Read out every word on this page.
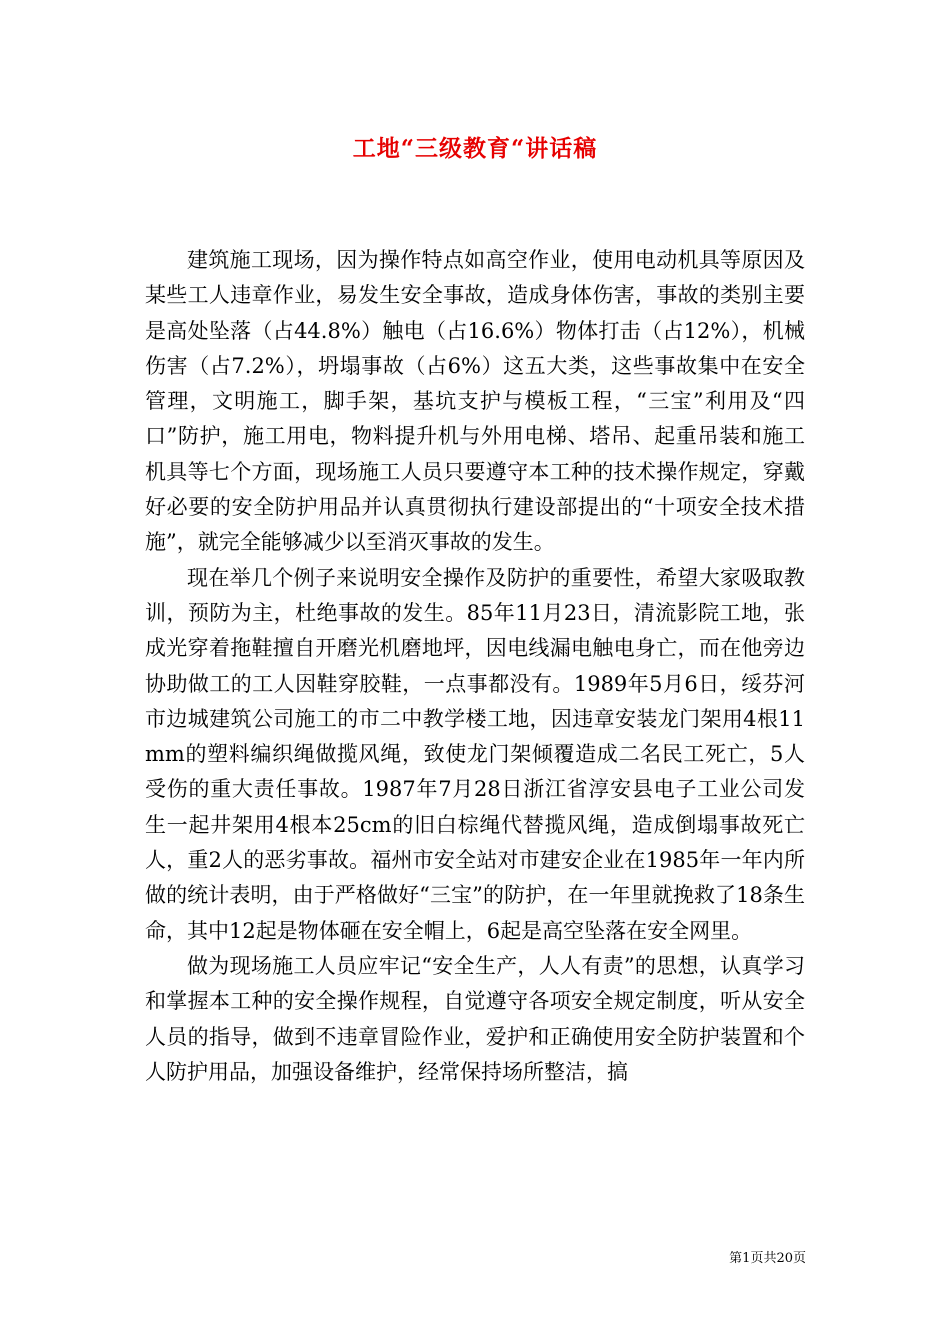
工地“三级教育“讲话稿

建筑施工现场，因为操作特点如高空作业，使用电动机具等原因及某些工人违章作业，易发生安全事故，造成身体伤害，事故的类别主要是高处坠落（占44.8%）触电（占16.6%）物体打击（占12%），机械伤害（占7.2%），坍塌事故（占6%）这五大类，这些事故集中在安全管理，文明施工，脚手架，基坑支护与模板工程，“三宝”利用及“四口”防护，施工用电，物料提升机与外用电梯、塔吊、起重吊装和施工机具等七个方面，现场施工人员只要遵守本工种的技术操作规定，穿戴好必要的安全防护用品并认真贯彻执行建设部提出的“十项安全技术措施”，就完全能够减少以至消灭事故的发生。

现在举几个例子来说明安全操作及防护的重要性，希望大家吸取教训，预防为主，杜绝事故的发生。85年11月23日，清流影院工地，张成光穿着拖鞋擅自开磨光机磨地坪，因电线漏电触电身亡，而在他旁边协助做工的工人因鞋穿胶鞋，一点事都没有。1989年5月6日，绥芬河市边城建筑公司施工的市二中教学楼工地，因违章安装龙门架用4根11mm的塑料编织绳做揽风绳，致使龙门架倾覆造成二名民工死亡，5人受伤的重大责任事故。1987年7月28日浙江省淳安县电子工业公司发生一起井架用4根本25cm的旧白棕绳代替揽风绳，造成倒塌事故死亡人，重2人的恶劣事故。福州市安全站对市建安企业在1985年一年内所做的统计表明，由于严格做好“三宝”的防护，在一年里就挽救了18条生命，其中12起是物体砸在安全帽上，6起是高空坠落在安全网里。

做为现场施工人员应牢记“安全生产，人人有责”的思想，认真学习和掌握本工种的安全操作规程，自觉遵守各项安全规定制度，听从安全人员的指导，做到不违章冒险作业，爱护和正确使用安全防护装置和个人防护用品，加强设备维护，经常保持场所整洁，搞

第1页共20页
